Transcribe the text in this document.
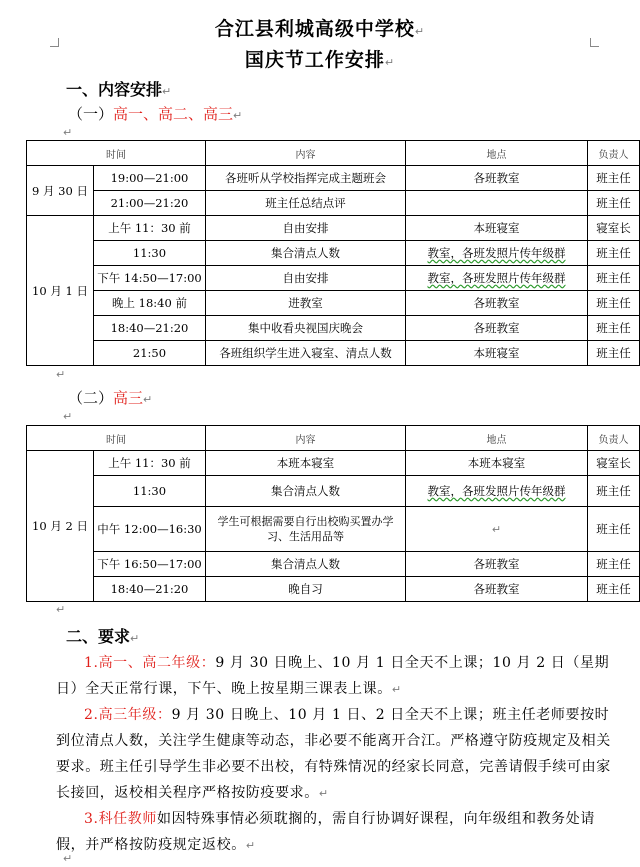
合江县利城高级中学校↵
国庆节工作安排↵
一、内容安排↵
（一）高一、高二、高三↵
↵
时间		内容	地点	负责人
9 月 30 日	19:00—21:00	各班听从学校指挥完成主题班会	各班教室	班主任
	21:00—21:20	班主任总结点评		班主任
10 月 1 日	上午 11：30 前	自由安排	本班寝室	寝室长
	11:30	集合清点人数	教室，各班发照片传年级群	班主任
	下午 14:50—17:00	自由安排	教室，各班发照片传年级群	班主任
	晚上 18:40 前	进教室	各班教室	班主任
	18:40—21:20	集中收看央视国庆晚会	各班教室	班主任
	21:50	各班组织学生进入寝室、清点人数	本班寝室	班主任
↵
（二）高三↵
↵
时间		内容	地点	负责人
10 月 2 日	上午 11：30 前	本班本寝室	本班本寝室	寝室长
	11:30	集合清点人数	教室，各班发照片传年级群	班主任
	中午 12:00—16:30	学生可根据需要自行出校购买置办学习、生活用品等	↵	班主任
	下午 16:50—17:00	集合清点人数	各班教室	班主任
	18:40—21:20	晚自习	各班教室	班主任
↵
二、要求↵
1.高一、高二年级：9 月 30 日晚上、10 月 1 日全天不上课；10 月 2 日（星期日）全天正常行课，下午、晚上按星期三课表上课。↵
2.高三年级：9 月 30 日晚上、10 月 1 日、2 日全天不上课；班主任老师要按时到位清点人数，关注学生健康等动态，非必要不能离开合江。严格遵守防疫规定及相关要求。班主任引导学生非必要不出校，有特殊情况的经家长同意，完善请假手续可由家长接回，返校相关程序严格按防疫要求。↵
3.科任教师如因特殊事情必须耽搁的，需自行协调好课程，向年级组和教务处请假，并严格按防疫规定返校。↵
↵
